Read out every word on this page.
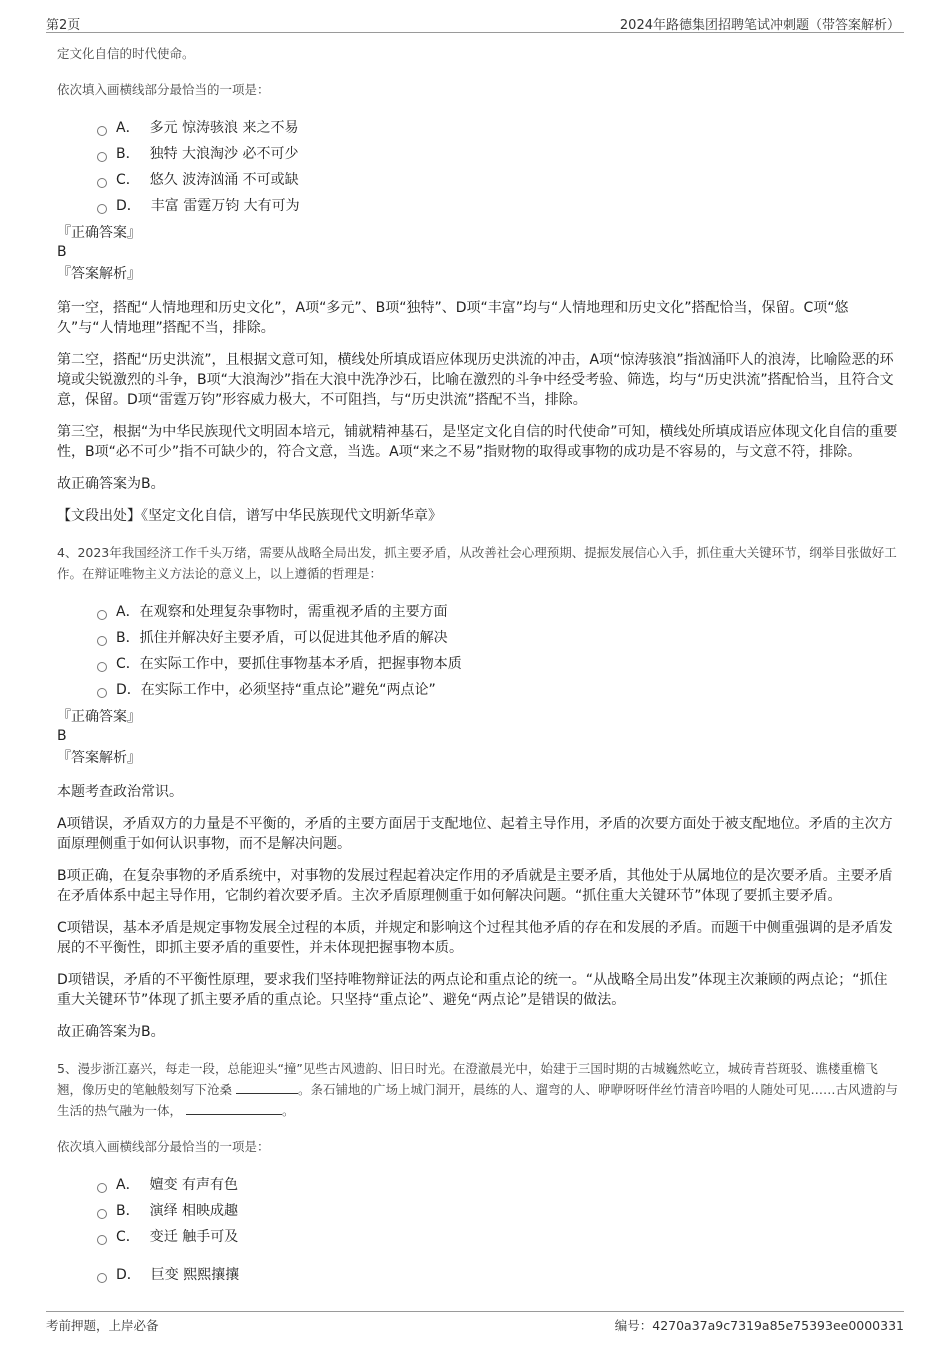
第2页	2024年路德集团招聘笔试冲刺题（带答案解析）
定文化自信的时代使命。
依次填入画横线部分最恰当的一项是：
A． 多元 惊涛骇浪 来之不易
B． 独特 大浪淘沙 必不可少
C． 悠久 波涛汹涌 不可或缺
D． 丰富 雷霆万钧 大有可为
『正确答案』
B
『答案解析』
第一空，搭配“人情地理和历史文化”，A项“多元”、B项“独特”、D项“丰富”均与“人情地理和历史文化”搭配恰当，保留。C项“悠久”与“人情地理”搭配不当，排除。
第二空，搭配“历史洪流”，且根据文意可知，横线处所填成语应体现历史洪流的冲击，A项“惊涛骇浪”指汹涌吓人的浪涛，比喻险恶的环境或尖锐激烈的斗争，B项“大浪淘沙”指在大浪中洗净沙石，比喻在激烈的斗争中经受考验、筛选，均与“历史洪流”搭配恰当，且符合文意，保留。D项“雷霆万钧”形容威力极大，不可阻挡，与“历史洪流”搭配不当，排除。
第三空，根据“为中华民族现代文明固本培元，铺就精神基石，是坚定文化自信的时代使命”可知，横线处所填成语应体现文化自信的重要性，B项“必不可少”指不可缺少的，符合文意，当选。A项“来之不易”指财物的取得或事物的成功是不容易的，与文意不符，排除。
故正确答案为B。
【文段出处】《坚定文化自信，谱写中华民族现代文明新华章》
4、2023年我国经济工作千头万绪，需要从战略全局出发，抓主要矛盾，从改善社会心理预期、提振发展信心入手，抓住重大关键环节，纲举目张做好工作。在辩证唯物主义方法论的意义上，以上遵循的哲理是：
A． 在观察和处理复杂事物时，需重视矛盾的主要方面
B． 抓住并解决好主要矛盾，可以促进其他矛盾的解决
C． 在实际工作中，要抓住事物基本矛盾，把握事物本质
D． 在实际工作中，必须坚持“重点论”避免“两点论”
『正确答案』
B
『答案解析』
本题考查政治常识。
A项错误，矛盾双方的力量是不平衡的，矛盾的主要方面居于支配地位、起着主导作用，矛盾的次要方面处于被支配地位。矛盾的主次方面原理侧重于如何认识事物，而不是解决问题。
B项正确，在复杂事物的矛盾系统中，对事物的发展过程起着决定作用的矛盾就是主要矛盾，其他处于从属地位的是次要矛盾。主要矛盾在矛盾体系中起主导作用，它制约着次要矛盾。主次矛盾原理侧重于如何解决问题。“抓住重大关键环节”体现了要抓主要矛盾。
C项错误，基本矛盾是规定事物发展全过程的本质，并规定和影响这个过程其他矛盾的存在和发展的矛盾。而题干中侧重强调的是矛盾发展的不平衡性，即抓主要矛盾的重要性，并未体现把握事物本质。
D项错误，矛盾的不平衡性原理，要求我们坚持唯物辩证法的两点论和重点论的统一。“从战略全局出发”体现主次兼顾的两点论；“抓住重大关键环节”体现了抓主要矛盾的重点论。只坚持“重点论”、避免“两点论”是错误的做法。
故正确答案为B。
5、漫步浙江嘉兴，每走一段，总能迎头“撞”见些古风遗韵、旧日时光。在澄澈晨光中，始建于三国时期的古城巍然屹立，城砖青苔斑驳、谯楼重檐飞翘，像历史的笔触般刻写下沧桑	。条石铺地的广场上城门洞开，晨练的人、遛弯的人、咿咿呀呀伴丝竹清音吟唱的人随处可见……古风遗韵与生活的热气融为一体，	。
依次填入画横线部分最恰当的一项是：
A． 嬗变 有声有色
B． 演绎 相映成趣
C． 变迁 触手可及
D． 巨变 熙熙攘攘
考前押题，上岸必备	编号：4270a37a9c7319a85e75393ee0000331
